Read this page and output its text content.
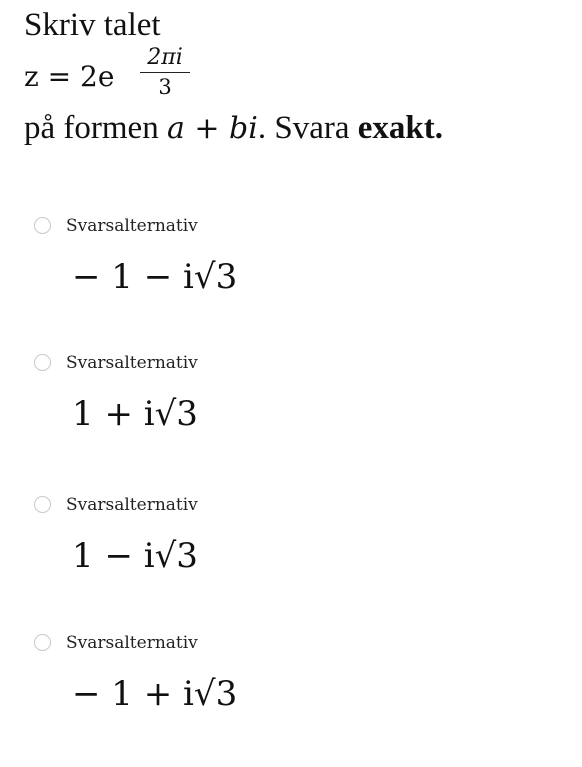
Skriv talet

$z = 2e \frac{2\pi i}{3}$

på formen a + bi. Svara exakt.

Svarsalternativ
− 1 − i√3
Svarsalternativ
1 + i√3
Svarsalternativ
1 − i√3
Svarsalternativ
− 1 + i√3
